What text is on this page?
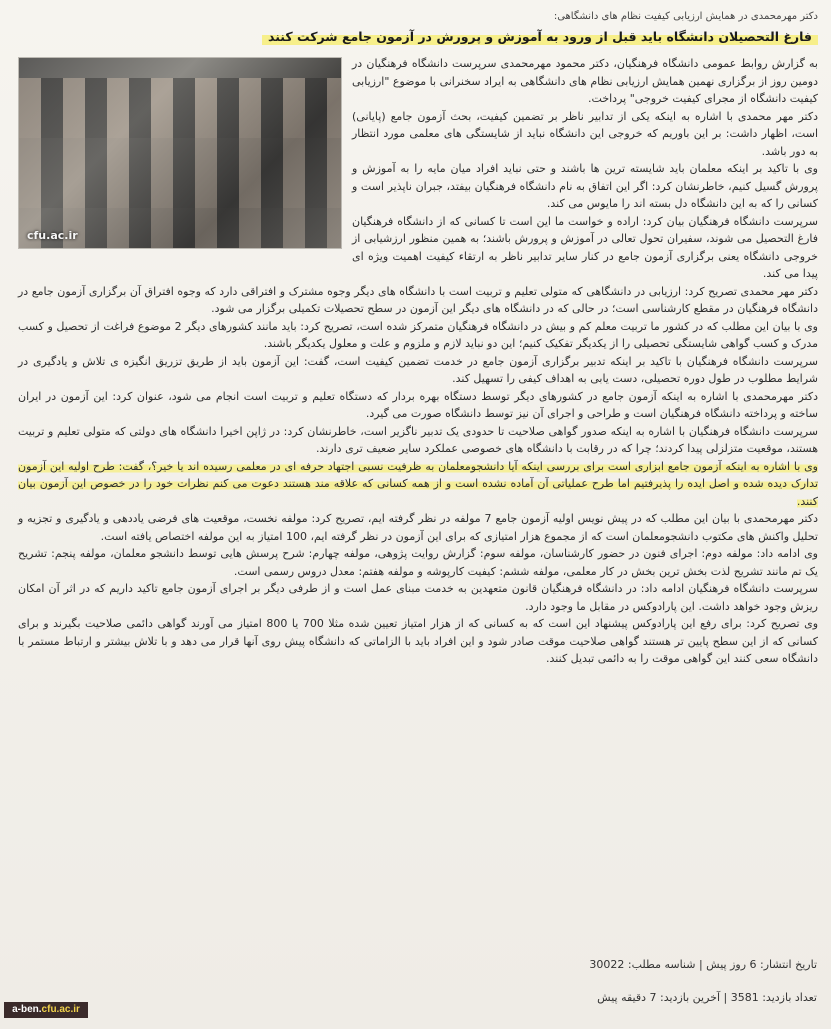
دکتر مهرمحمدی در همایش ارزیابی کیفیت نظام های دانشگاهی:

فارغ التحصیلان دانشگاه باید قبل از ورود به آموزش و پرورش در آزمون جامع شرکت کنند
cfu.ac.ir

به گزارش روابط عمومی دانشگاه فرهنگیان، دکتر محمود مهرمحمدی سرپرست دانشگاه فرهنگیان در دومین روز از برگزاری نهمین همایش ارزیابی نظام های دانشگاهی به ایراد سخنرانی با موضوع "ارزیابی کیفیت دانشگاه از مجرای کیفیت خروجی" پرداخت.

دکتر مهر محمدی با اشاره به اینکه یکی از تدابیر ناظر بر تضمین کیفیت، بحث آزمون جامع (پایانی) است، اظهار داشت: بر این باوریم که خروجی این دانشگاه نباید از شایستگی های معلمی مورد انتظار به دور باشد.

وی با تاکید بر اینکه معلمان باید شایسته ترین ها باشند و حتی نباید افراد میان مایه را به آموزش و پرورش گسیل کنیم، خاطرنشان کرد: اگر این اتفاق به نام دانشگاه فرهنگیان بیفتد، جبران ناپذیر است و کسانی را که به این دانشگاه دل بسته اند را مایوس می کند.

سرپرست دانشگاه فرهنگیان بیان کرد: اراده و خواست ما این است تا کسانی که از دانشگاه فرهنگیان فارغ التحصیل می شوند، سفیران تحول تعالی در آموزش و پرورش باشند؛ به همین منظور ارزشیابی از خروجی دانشگاه یعنی برگزاری آزمون جامع در کنار سایر تدابیر ناظر به ارتقاء کیفیت اهمیت ویژه ای پیدا می کند.

دکتر مهر محمدی تصریح کرد: ارزیابی در دانشگاهی که متولی تعلیم و تربیت است با دانشگاه های دیگر وجوه مشترک و افتراقی دارد که وجوه افتراق آن برگزاری آزمون جامع در دانشگاه فرهنگیان در مقطع کارشناسی است؛ در حالی که در دانشگاه های دیگر این آزمون در سطح تحصیلات تکمیلی برگزار می شود.

وی با بیان این مطلب که در کشور ما تربیت معلم کم و بیش در دانشگاه فرهنگیان متمرکز شده است، تصریح کرد: باید مانند کشورهای دیگر 2 موضوع فراغت از تحصیل و کسب مدرک و کسب گواهی شایستگی تحصیلی را از یکدیگر تفکیک کنیم؛ این دو نباید لازم و ملزوم و علت و معلول یکدیگر باشند.

سرپرست دانشگاه فرهنگیان با تاکید بر اینکه تدبیر برگزاری آزمون جامع در خدمت تضمین کیفیت است، گفت: این آزمون باید از طریق تزریق انگیزه ی تلاش و یادگیری در شرایط مطلوب در طول دوره تحصیلی، دست یابی به اهداف کیفی را تسهیل کند.

دکتر مهرمحمدی با اشاره به اینکه آزمون جامع در کشورهای دیگر توسط دستگاه بهره بردار که دستگاه تعلیم و تربیت است انجام می شود، عنوان کرد: این آزمون در ایران ساخته و پرداخته دانشگاه فرهنگیان است و طراحی و اجرای آن نیز توسط دانشگاه صورت می گیرد.

سرپرست دانشگاه فرهنگیان با اشاره به اینکه صدور گواهی صلاحیت تا حدودی یک تدبیر ناگزیر است، خاطرنشان کرد: در ژاپن اخیرا دانشگاه های دولتی که متولی تعلیم و تربیت هستند، موقعیت متزلزلی پیدا کردند؛ چرا که در رقابت با دانشگاه های خصوصی عملکرد سایر ضعیف تری دارند.

وی با اشاره به اینکه آزمون جامع ابزاری است برای بررسی اینکه آیا دانشجومعلمان به ظرفیت نسبی اجتهاد حرفه ای در معلمی رسیده اند یا خیر؟، گفت: طرح اولیه این آزمون تدارک دیده شده و اصل ایده را پذیرفتیم اما طرح عملیاتی آن آماده نشده است و از همه کسانی که علاقه مند هستند دعوت می کنم نظرات خود را در خصوص این آزمون بیان کنند.

دکتر مهرمحمدی با بیان این مطلب که در پیش نویس اولیه آزمون جامع 7 مولفه در نظر گرفته ایم، تصریح کرد: مولفه نخست، موقعیت های فرضی یاددهی و یادگیری و تجزیه و تحلیل واکنش های مکتوب دانشجومعلمان است که از مجموع هزار امتیازی که برای این آزمون در نظر گرفته ایم، 100 امتیاز به این مولفه اختصاص یافته است.

وی ادامه داد: مولفه دوم: اجرای فنون در حضور کارشناسان، مولفه سوم: گزارش روایت پژوهی، مولفه چهارم: شرح پرسش هایی توسط دانشجو معلمان، مولفه پنجم: تشریح یک تم مانند تشریح لذت بخش ترین بخش در کار معلمی، مولفه ششم: کیفیت کارپوشه و مولفه هفتم: معدل دروس رسمی است.

سرپرست دانشگاه فرهنگیان ادامه داد: در دانشگاه فرهنگیان قانون متعهدین به خدمت مبنای عمل است و از طرفی دیگر بر اجرای آزمون جامع تاکید داریم که در اثر آن امکان ریزش وجود خواهد داشت. این پارادوکس در مقابل ما وجود دارد.

وی تصریح کرد: برای رفع این پارادوکس پیشنهاد این است که به کسانی که از هزار امتیاز تعیین شده مثلا 700 یا 800 امتیاز می آورند گواهی دائمی صلاحیت بگیرند و برای کسانی که از این سطح پایین تر هستند گواهی صلاحیت موقت صادر شود و این افراد باید با الزاماتی که دانشگاه پیش روی آنها قرار می دهد و با تلاش بیشتر و ارتباط مستمر با دانشگاه سعی کنند این گواهی موقت را به دائمی تبدیل کنند.

تاریخ انتشار: 6 روز پیش | شناسه مطلب: 30022
تعداد بازدید: 3581 | آخرین بازدید: 7 دقیقه پیش
a-ben.cfu.ac.ir
